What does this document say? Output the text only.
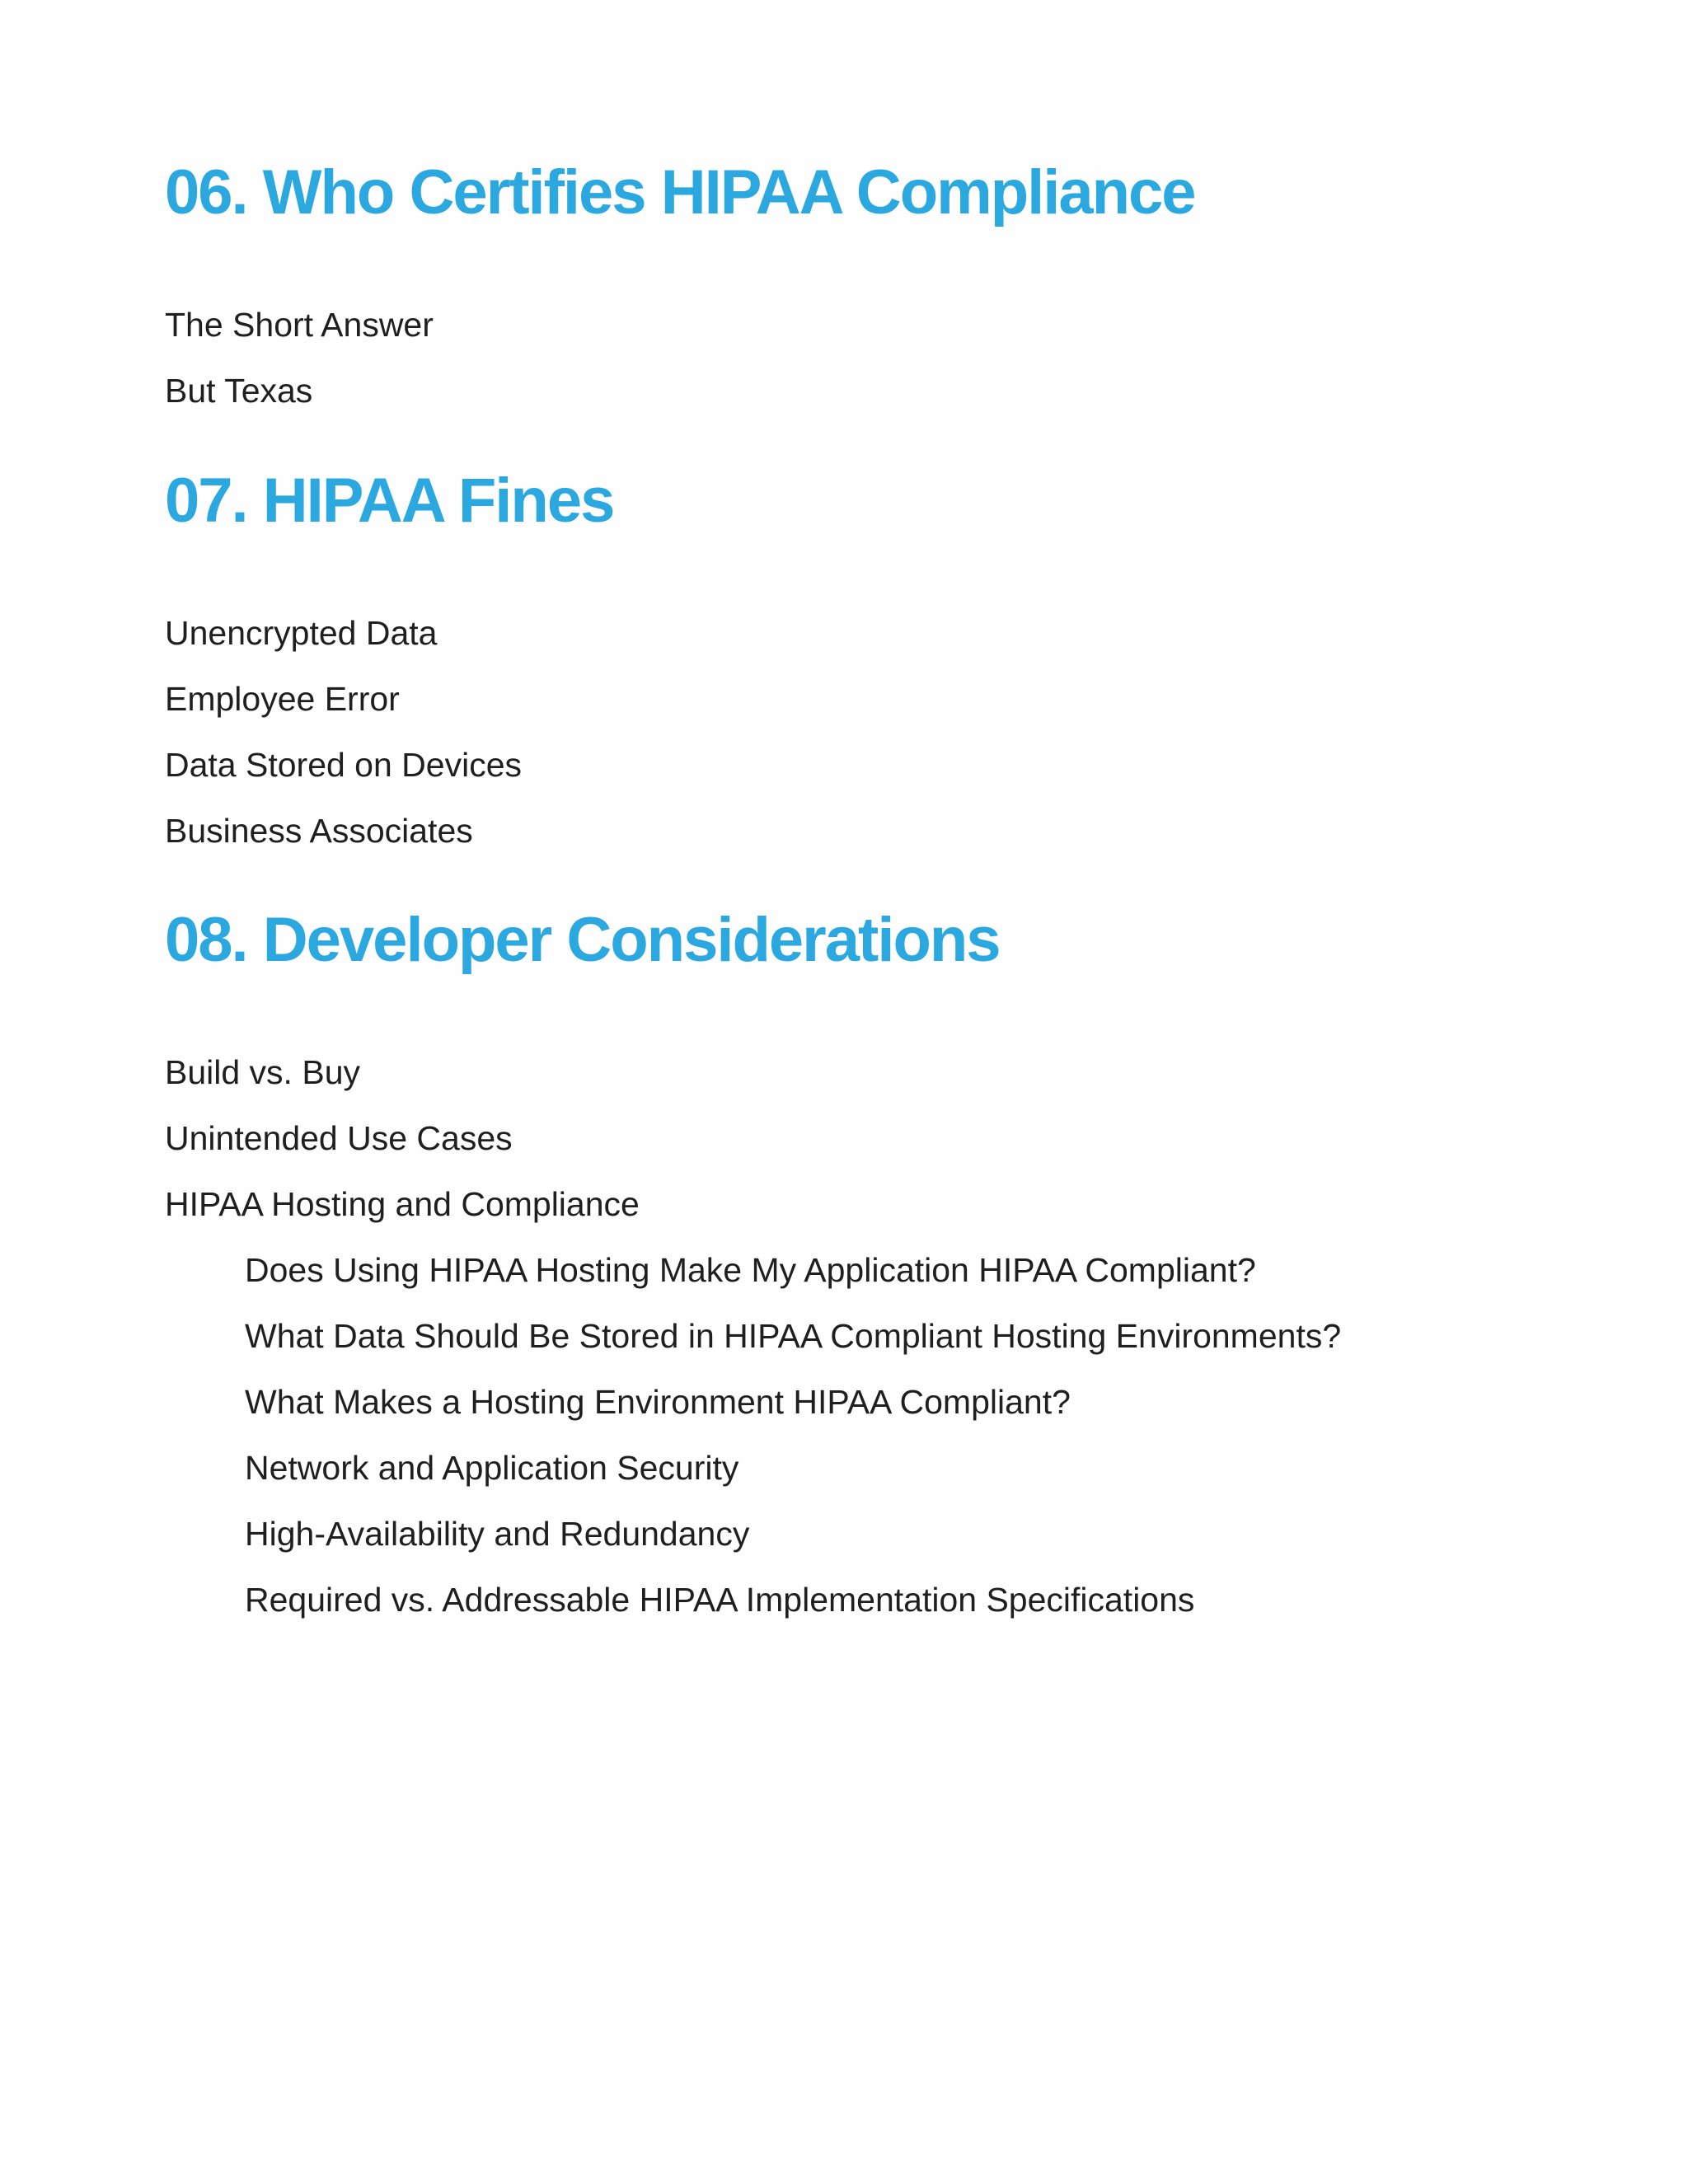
06. Who Certifies HIPAA Compliance
The Short Answer
But Texas
07. HIPAA Fines
Unencrypted Data
Employee Error
Data Stored on Devices
Business Associates
08. Developer Considerations
Build vs. Buy
Unintended Use Cases
HIPAA Hosting and Compliance
Does Using HIPAA Hosting Make My Application HIPAA Compliant?
What Data Should Be Stored in HIPAA Compliant Hosting Environments?
What Makes a Hosting Environment HIPAA Compliant?
Network and Application Security
High-Availability and Redundancy
Required vs. Addressable HIPAA Implementation Specifications
